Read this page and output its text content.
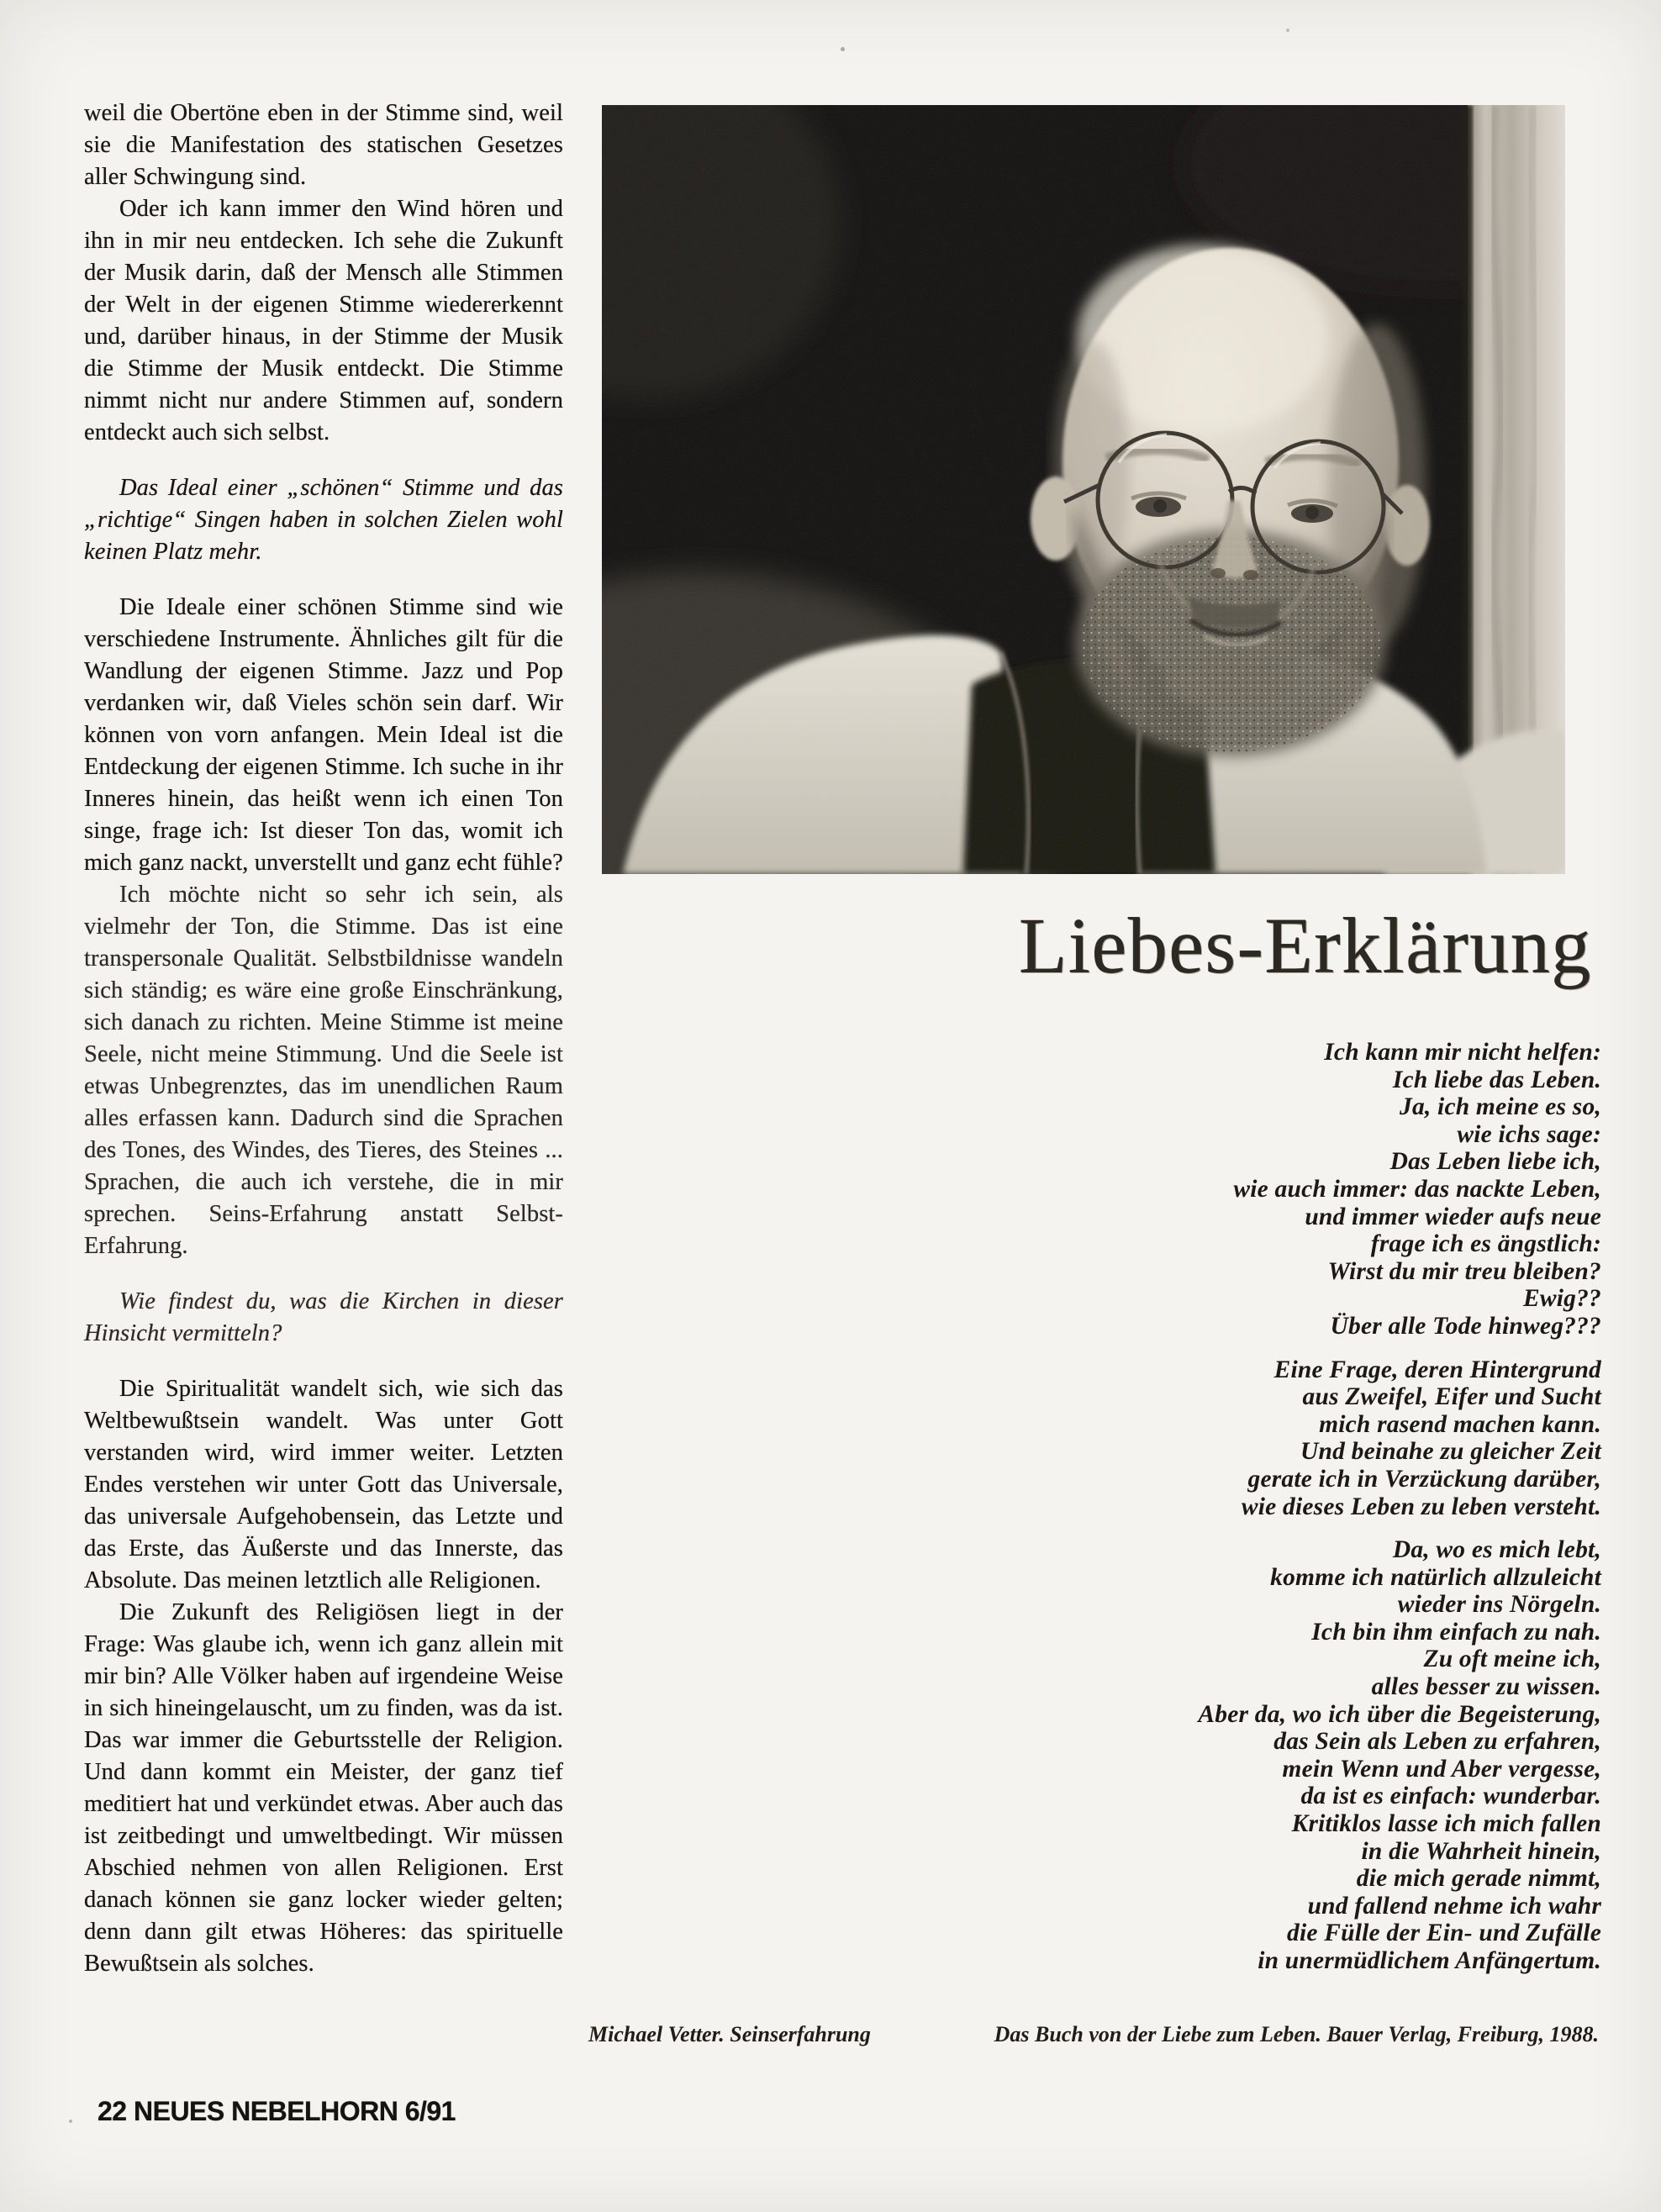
weil die Obertöne eben in der Stimme sind, weil sie die Manifestation des statischen Gesetzes aller Schwingung sind.

Oder ich kann immer den Wind hören und ihn in mir neu entdecken. Ich sehe die Zukunft der Musik darin, daß der Mensch alle Stimmen der Welt in der eigenen Stimme wiedererkennt und, darüber hinaus, in der Stimme der Musik die Stimme der Musik entdeckt. Die Stimme nimmt nicht nur andere Stimmen auf, sondern entdeckt auch sich selbst.

Das Ideal einer „schönen“ Stimme und das „richtige“ Singen haben in solchen Zielen wohl keinen Platz mehr.

Die Ideale einer schönen Stimme sind wie verschiedene Instrumente. Ähnliches gilt für die Wandlung der eigenen Stimme. Jazz und Pop verdanken wir, daß Vieles schön sein darf. Wir können von vorn anfangen. Mein Ideal ist die Entdeckung der eigenen Stimme. Ich suche in ihr Inneres hinein, das heißt wenn ich einen Ton singe, frage ich: Ist dieser Ton das, womit ich mich ganz nackt, unverstellt und ganz echt fühle?

Ich möchte nicht so sehr ich sein, als vielmehr der Ton, die Stimme. Das ist eine transpersonale Qualität. Selbstbildnisse wandeln sich ständig; es wäre eine große Einschränkung, sich danach zu richten. Meine Stimme ist meine Seele, nicht meine Stimmung. Und die Seele ist etwas Unbegrenztes, das im unendlichen Raum alles erfassen kann. Dadurch sind die Sprachen des Tones, des Windes, des Tieres, des Steines ... Sprachen, die auch ich verstehe, die in mir sprechen. Seins-Erfahrung anstatt Selbst-Erfahrung.

Wie findest du, was die Kirchen in dieser Hinsicht vermitteln?

Die Spiritualität wandelt sich, wie sich das Weltbewußtsein wandelt. Was unter Gott verstanden wird, wird immer weiter. Letzten Endes verstehen wir unter Gott das Universale, das universale Aufgehobensein, das Letzte und das Erste, das Äußerste und das Innerste, das Absolute. Das meinen letztlich alle Religionen.

Die Zukunft des Religiösen liegt in der Frage: Was glaube ich, wenn ich ganz allein mit mir bin? Alle Völker haben auf irgendeine Weise in sich hineingelauscht, um zu finden, was da ist. Das war immer die Geburtsstelle der Religion. Und dann kommt ein Meister, der ganz tief meditiert hat und verkündet etwas. Aber auch das ist zeitbedingt und umweltbedingt. Wir müssen Abschied nehmen von allen Religionen. Erst danach können sie ganz locker wieder gelten; denn dann gilt etwas Höheres: das spirituelle Bewußtsein als solches.

Liebes-Erklärung
Ich kann mir nicht helfen:
Ich liebe das Leben.
Ja, ich meine es so,
wie ichs sage:
Das Leben liebe ich,
wie auch immer: das nackte Leben,
und immer wieder aufs neue
frage ich es ängstlich:
Wirst du mir treu bleiben?
Ewig??
Über alle Tode hinweg???
Eine Frage, deren Hintergrund
aus Zweifel, Eifer und Sucht
mich rasend machen kann.
Und beinahe zu gleicher Zeit
gerate ich in Verzückung darüber,
wie dieses Leben zu leben versteht.
Da, wo es mich lebt,
komme ich natürlich allzuleicht
wieder ins Nörgeln.
Ich bin ihm einfach zu nah.
Zu oft meine ich,
alles besser zu wissen.
Aber da, wo ich über die Begeisterung,
das Sein als Leben zu erfahren,
mein Wenn und Aber vergesse,
da ist es einfach: wunderbar.
Kritiklos lasse ich mich fallen
in die Wahrheit hinein,
die mich gerade nimmt,
und fallend nehme ich wahr
die Fülle der Ein- und Zufälle
in unermüdlichem Anfängertum.
Michael Vetter. Seinserfahrung	Das Buch von der Liebe zum Leben. Bauer Verlag, Freiburg, 1988.
22 NEUES NEBELHORN 6/91
